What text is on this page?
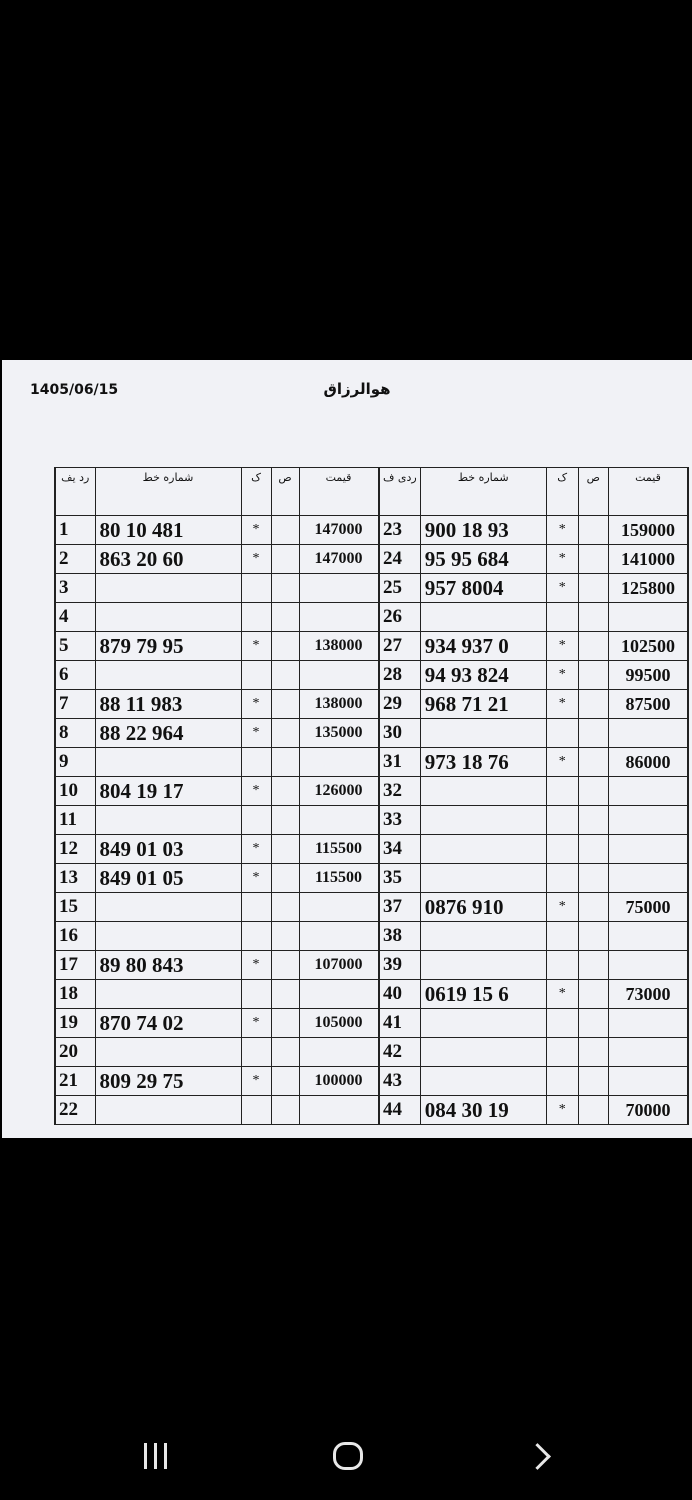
هوالرزاق
1405/06/15
رد يف	شماره خط	ک	ص	قيمت
1	80 10 481	*		147000
2	863 20 60	*		147000
3				
4				
5	879 79 95	*		138000
6				
7	88 11 983	*		138000
8	88 22 964	*		135000
9				
10	804 19 17	*		126000
11				
12	849 01 03	*		115500
13	849 01 05	*		115500
15				
16				
17	89 80 843	*		107000
18				
19	870 74 02	*		105000
20				
21	809 29 75	*		100000
22				
ردی ف	شماره خط	ک	ص	قيمت
23	900 18 93	*		159000
24	95 95 684	*		141000
25	957 8004	*		125800
26				
27	934 937 0	*		102500
28	94 93 824	*		99500
29	968 71 21	*		87500
30				
31	973 18 76	*		86000
32				
33				
34				
35				
37	0876 910	*		75000
38				
39				
40	0619 15 6	*		73000
41				
42				
43				
44	084 30 19	*		70000
